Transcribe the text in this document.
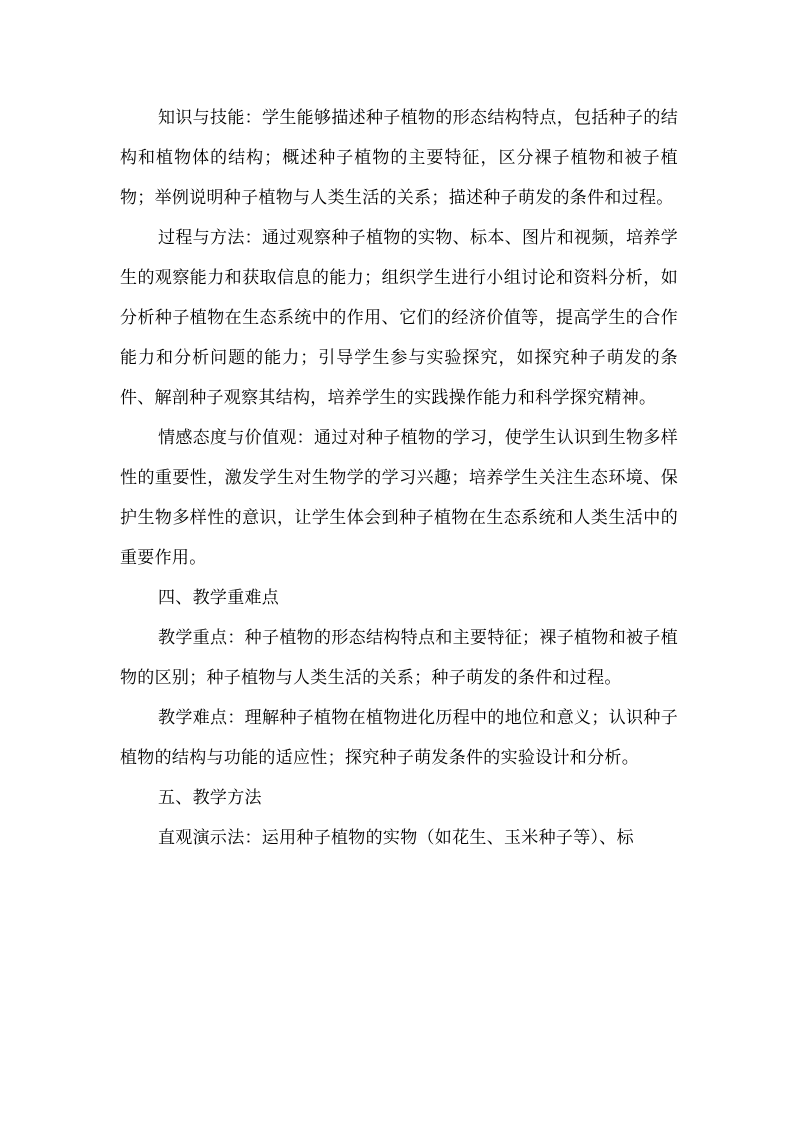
知识与技能：学生能够描述种子植物的形态结构特点，包括种子的结构和植物体的结构；概述种子植物的主要特征，区分裸子植物和被子植物；举例说明种子植物与人类生活的关系；描述种子萌发的条件和过程。

过程与方法：通过观察种子植物的实物、标本、图片和视频，培养学生的观察能力和获取信息的能力；组织学生进行小组讨论和资料分析，如分析种子植物在生态系统中的作用、它们的经济价值等，提高学生的合作能力和分析问题的能力；引导学生参与实验探究，如探究种子萌发的条件、解剖种子观察其结构，培养学生的实践操作能力和科学探究精神。

情感态度与价值观：通过对种子植物的学习，使学生认识到生物多样性的重要性，激发学生对生物学的学习兴趣；培养学生关注生态环境、保护生物多样性的意识，让学生体会到种子植物在生态系统和人类生活中的重要作用。

四、教学重难点

教学重点：种子植物的形态结构特点和主要特征；裸子植物和被子植物的区别；种子植物与人类生活的关系；种子萌发的条件和过程。

教学难点：理解种子植物在植物进化历程中的地位和意义；认识种子植物的结构与功能的适应性；探究种子萌发条件的实验设计和分析。

五、教学方法

直观演示法：运用种子植物的实物（如花生、玉米种子等）、标
